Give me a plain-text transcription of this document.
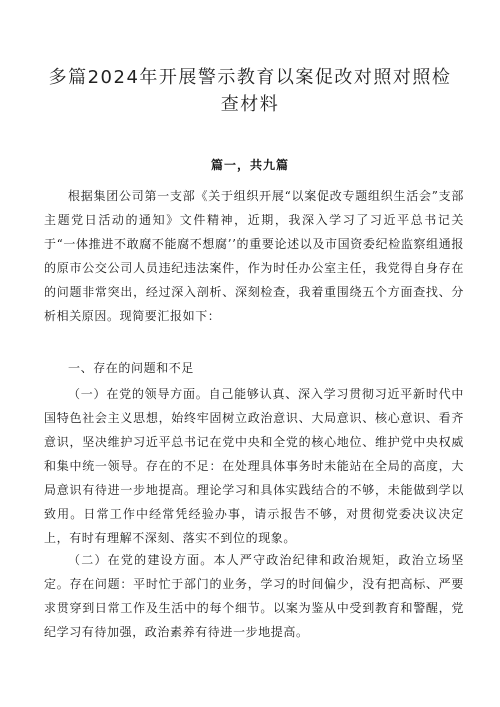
多篇2024年开展警示教育以案促改对照对照检查材料
篇一，共九篇

根据集团公司第一支部《关于组织开展“以案促改专题组织生活会”支部主题党日活动的通知》文件精神，近期，我深入学习了习近平总书记关于“一体推进不敢腐不能腐不想腐’’的重要论述以及市国资委纪检监察组通报的原市公交公司人员违纪违法案件，作为时任办公室主任，我党得自身存在的问题非常突出，经过深入剖析、深刻检查，我着重围绕五个方面查找、分析相关原因。现简要汇报如下：

一、存在的问题和不足

（一）在党的领导方面。自己能够认真、深入学习贯彻习近平新时代中国特色社会主义思想，始终牢固树立政治意识、大局意识、核心意识、看齐意识，坚决维护习近平总书记在党中央和全党的核心地位、维护党中央权威和集中统一领导。存在的不足：在处理具体事务时未能站在全局的高度，大局意识有待进一步地提高。理论学习和具体实践结合的不够，未能做到学以致用。日常工作中经常凭经验办事，请示报告不够，对贯彻党委决议决定上，有时有理解不深刻、落实不到位的现象。

（二）在党的建设方面。本人严守政治纪律和政治规矩，政治立场坚定。存在问题：平时忙于部门的业务，学习的时间偏少，没有把高标、严要求贯穿到日常工作及生活中的每个细节。以案为鉴从中受到教育和警醒，党纪学习有待加强，政治素养有待进一步地提高。
